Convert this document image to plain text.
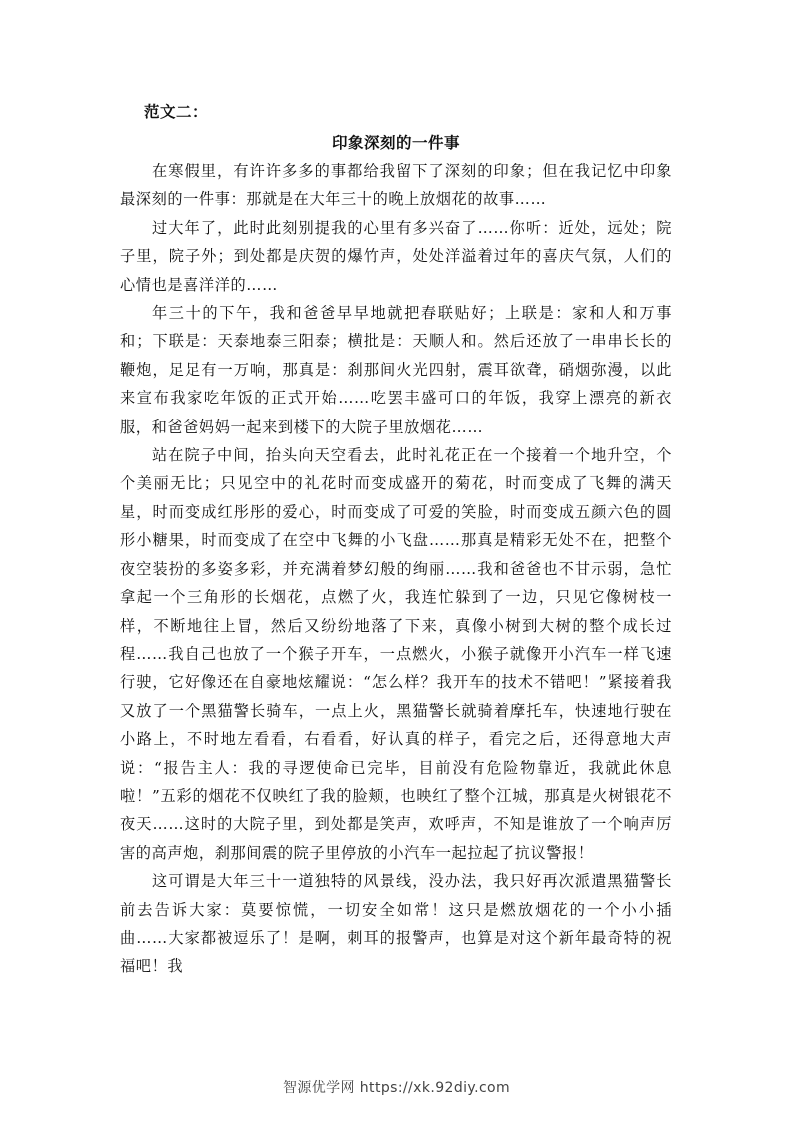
范文二：
印象深刻的一件事

在寒假里，有许许多多的事都给我留下了深刻的印象；但在我记忆中印象最深刻的一件事：那就是在大年三十的晚上放烟花的故事……

过大年了，此时此刻别提我的心里有多兴奋了……你听：近处，远处；院子里，院子外；到处都是庆贺的爆竹声，处处洋溢着过年的喜庆气氛，人们的心情也是喜洋洋的……

年三十的下午，我和爸爸早早地就把春联贴好；上联是：家和人和万事和；下联是：天泰地泰三阳泰；横批是：天顺人和。然后还放了一串串长长的鞭炮，足足有一万响，那真是：刹那间火光四射，震耳欲聋，硝烟弥漫，以此来宣布我家吃年饭的正式开始……吃罢丰盛可口的年饭，我穿上漂亮的新衣服，和爸爸妈妈一起来到楼下的大院子里放烟花……

站在院子中间，抬头向天空看去，此时礼花正在一个接着一个地升空，个个美丽无比；只见空中的礼花时而变成盛开的菊花，时而变成了飞舞的满天星，时而变成红彤彤的爱心，时而变成了可爱的笑脸，时而变成五颜六色的圆形小糖果，时而变成了在空中飞舞的小飞盘……那真是精彩无处不在，把整个夜空装扮的多姿多彩，并充满着梦幻般的绚丽……我和爸爸也不甘示弱，急忙拿起一个三角形的长烟花，点燃了火，我连忙躲到了一边，只见它像树枝一样，不断地往上冒，然后又纷纷地落了下来，真像小树到大树的整个成长过程……我自己也放了一个猴子开车，一点燃火，小猴子就像开小汽车一样飞速行驶，它好像还在自豪地炫耀说：“怎么样？我开车的技术不错吧！”紧接着我又放了一个黑猫警长骑车，一点上火，黑猫警长就骑着摩托车，快速地行驶在小路上，不时地左看看，右看看，好认真的样子，看完之后，还得意地大声说：“报告主人：我的寻逻使命已完毕，目前没有危险物靠近，我就此休息啦！”五彩的烟花不仅映红了我的脸颊，也映红了整个江城，那真是火树银花不夜天……这时的大院子里，到处都是笑声，欢呼声，不知是谁放了一个响声厉害的高声炮，刹那间震的院子里停放的小汽车一起拉起了抗议警报！

这可谓是大年三十一道独特的风景线，没办法，我只好再次派遣黑猫警长前去告诉大家：莫要惊慌，一切安全如常！这只是燃放烟花的一个小小插曲……大家都被逗乐了！是啊，刺耳的报警声，也算是对这个新年最奇特的祝福吧！我

智源优学网 https://xk.92diy.com
